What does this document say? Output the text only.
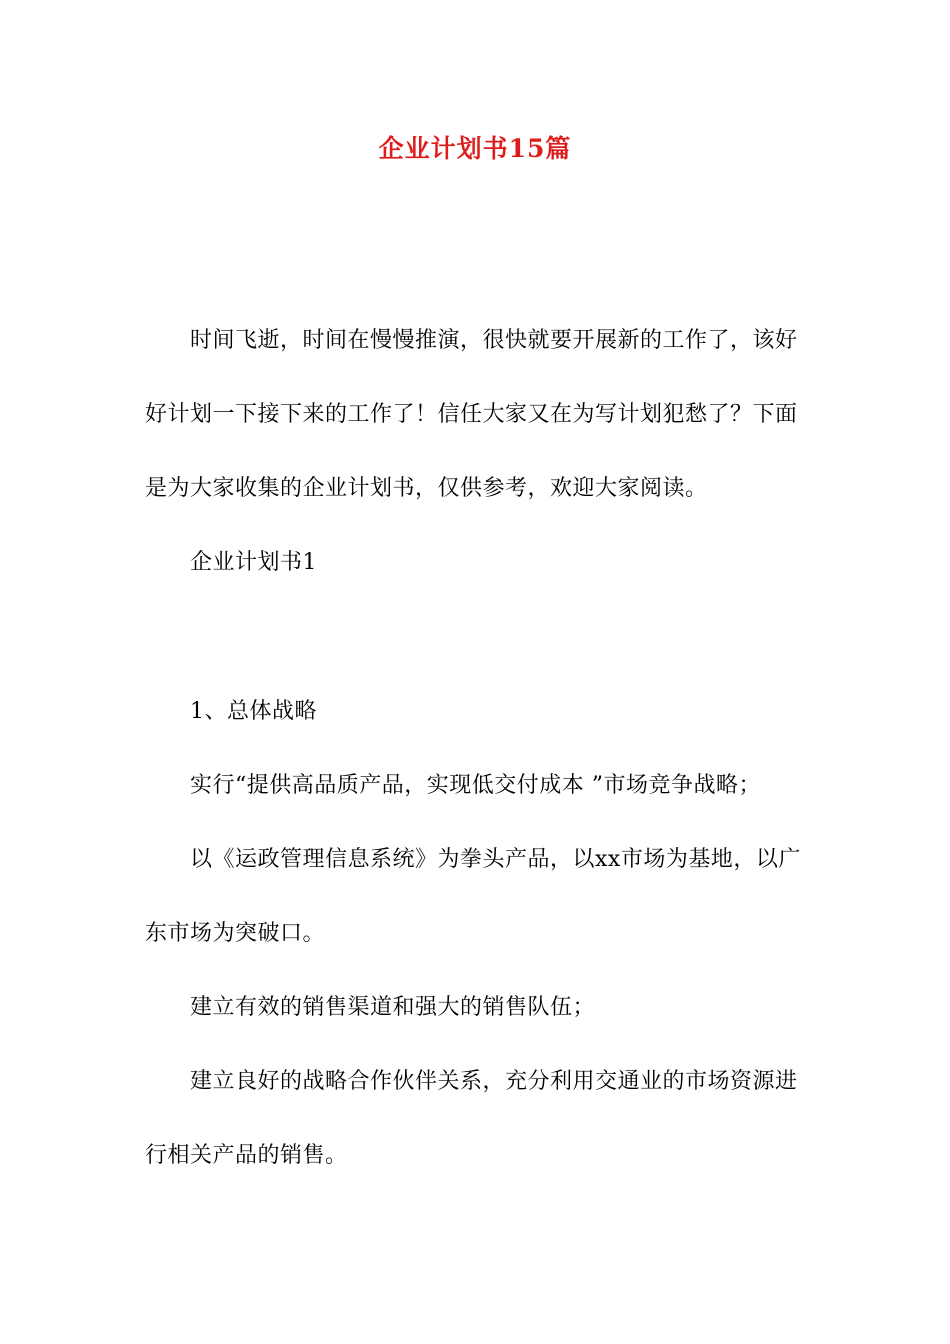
企业计划书15篇
时间飞逝，时间在慢慢推演，很快就要开展新的工作了，该好
好计划一下接下来的工作了！信任大家又在为写计划犯愁了？下面
是为大家收集的企业计划书，仅供参考，欢迎大家阅读。
企业计划书1
1、总体战略
实行“提供高品质产品，实现低交付成本 ”市场竞争战略；
以《运政管理信息系统》为拳头产品，以xx市场为基地，以广
东市场为突破口。
建立有效的销售渠道和强大的销售队伍；
建立良好的战略合作伙伴关系，充分利用交通业的市场资源进
行相关产品的销售。
